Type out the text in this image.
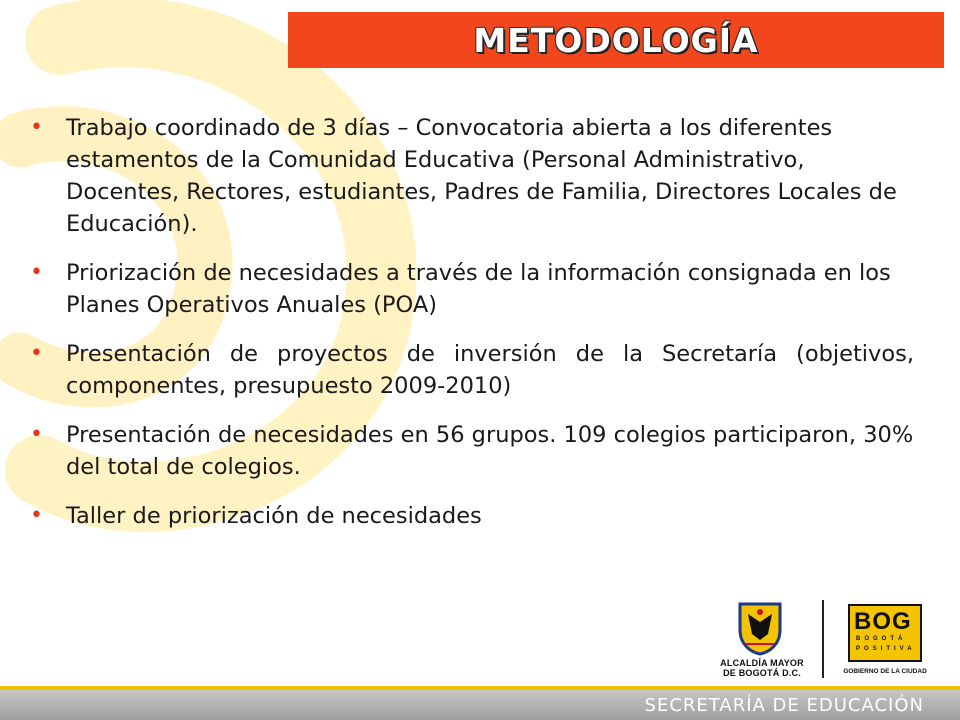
METODOLOGÍA
• Trabajo coordinado de 3 días – Convocatoria abierta a los diferentes estamentos de la Comunidad Educativa (Personal Administrativo, Docentes, Rectores, estudiantes, Padres de Familia, Directores Locales de Educación).
• Priorización de necesidades a través de la información consignada en los Planes Operativos Anuales (POA)
• Presentación de proyectos de inversión de la Secretaría (objetivos, componentes, presupuesto 2009-2010)
• Presentación de necesidades en 56 grupos. 109 colegios participaron, 30% del total de colegios.
• Taller de priorización de necesidades
ALCALDÍA MAYOR
DE BOGOTÁ D.C.
BOG
BOGOTÁ
POSITIVA
GOBIERNO DE LA CIUDAD
SECRETARÍA DE EDUCACIÓN
